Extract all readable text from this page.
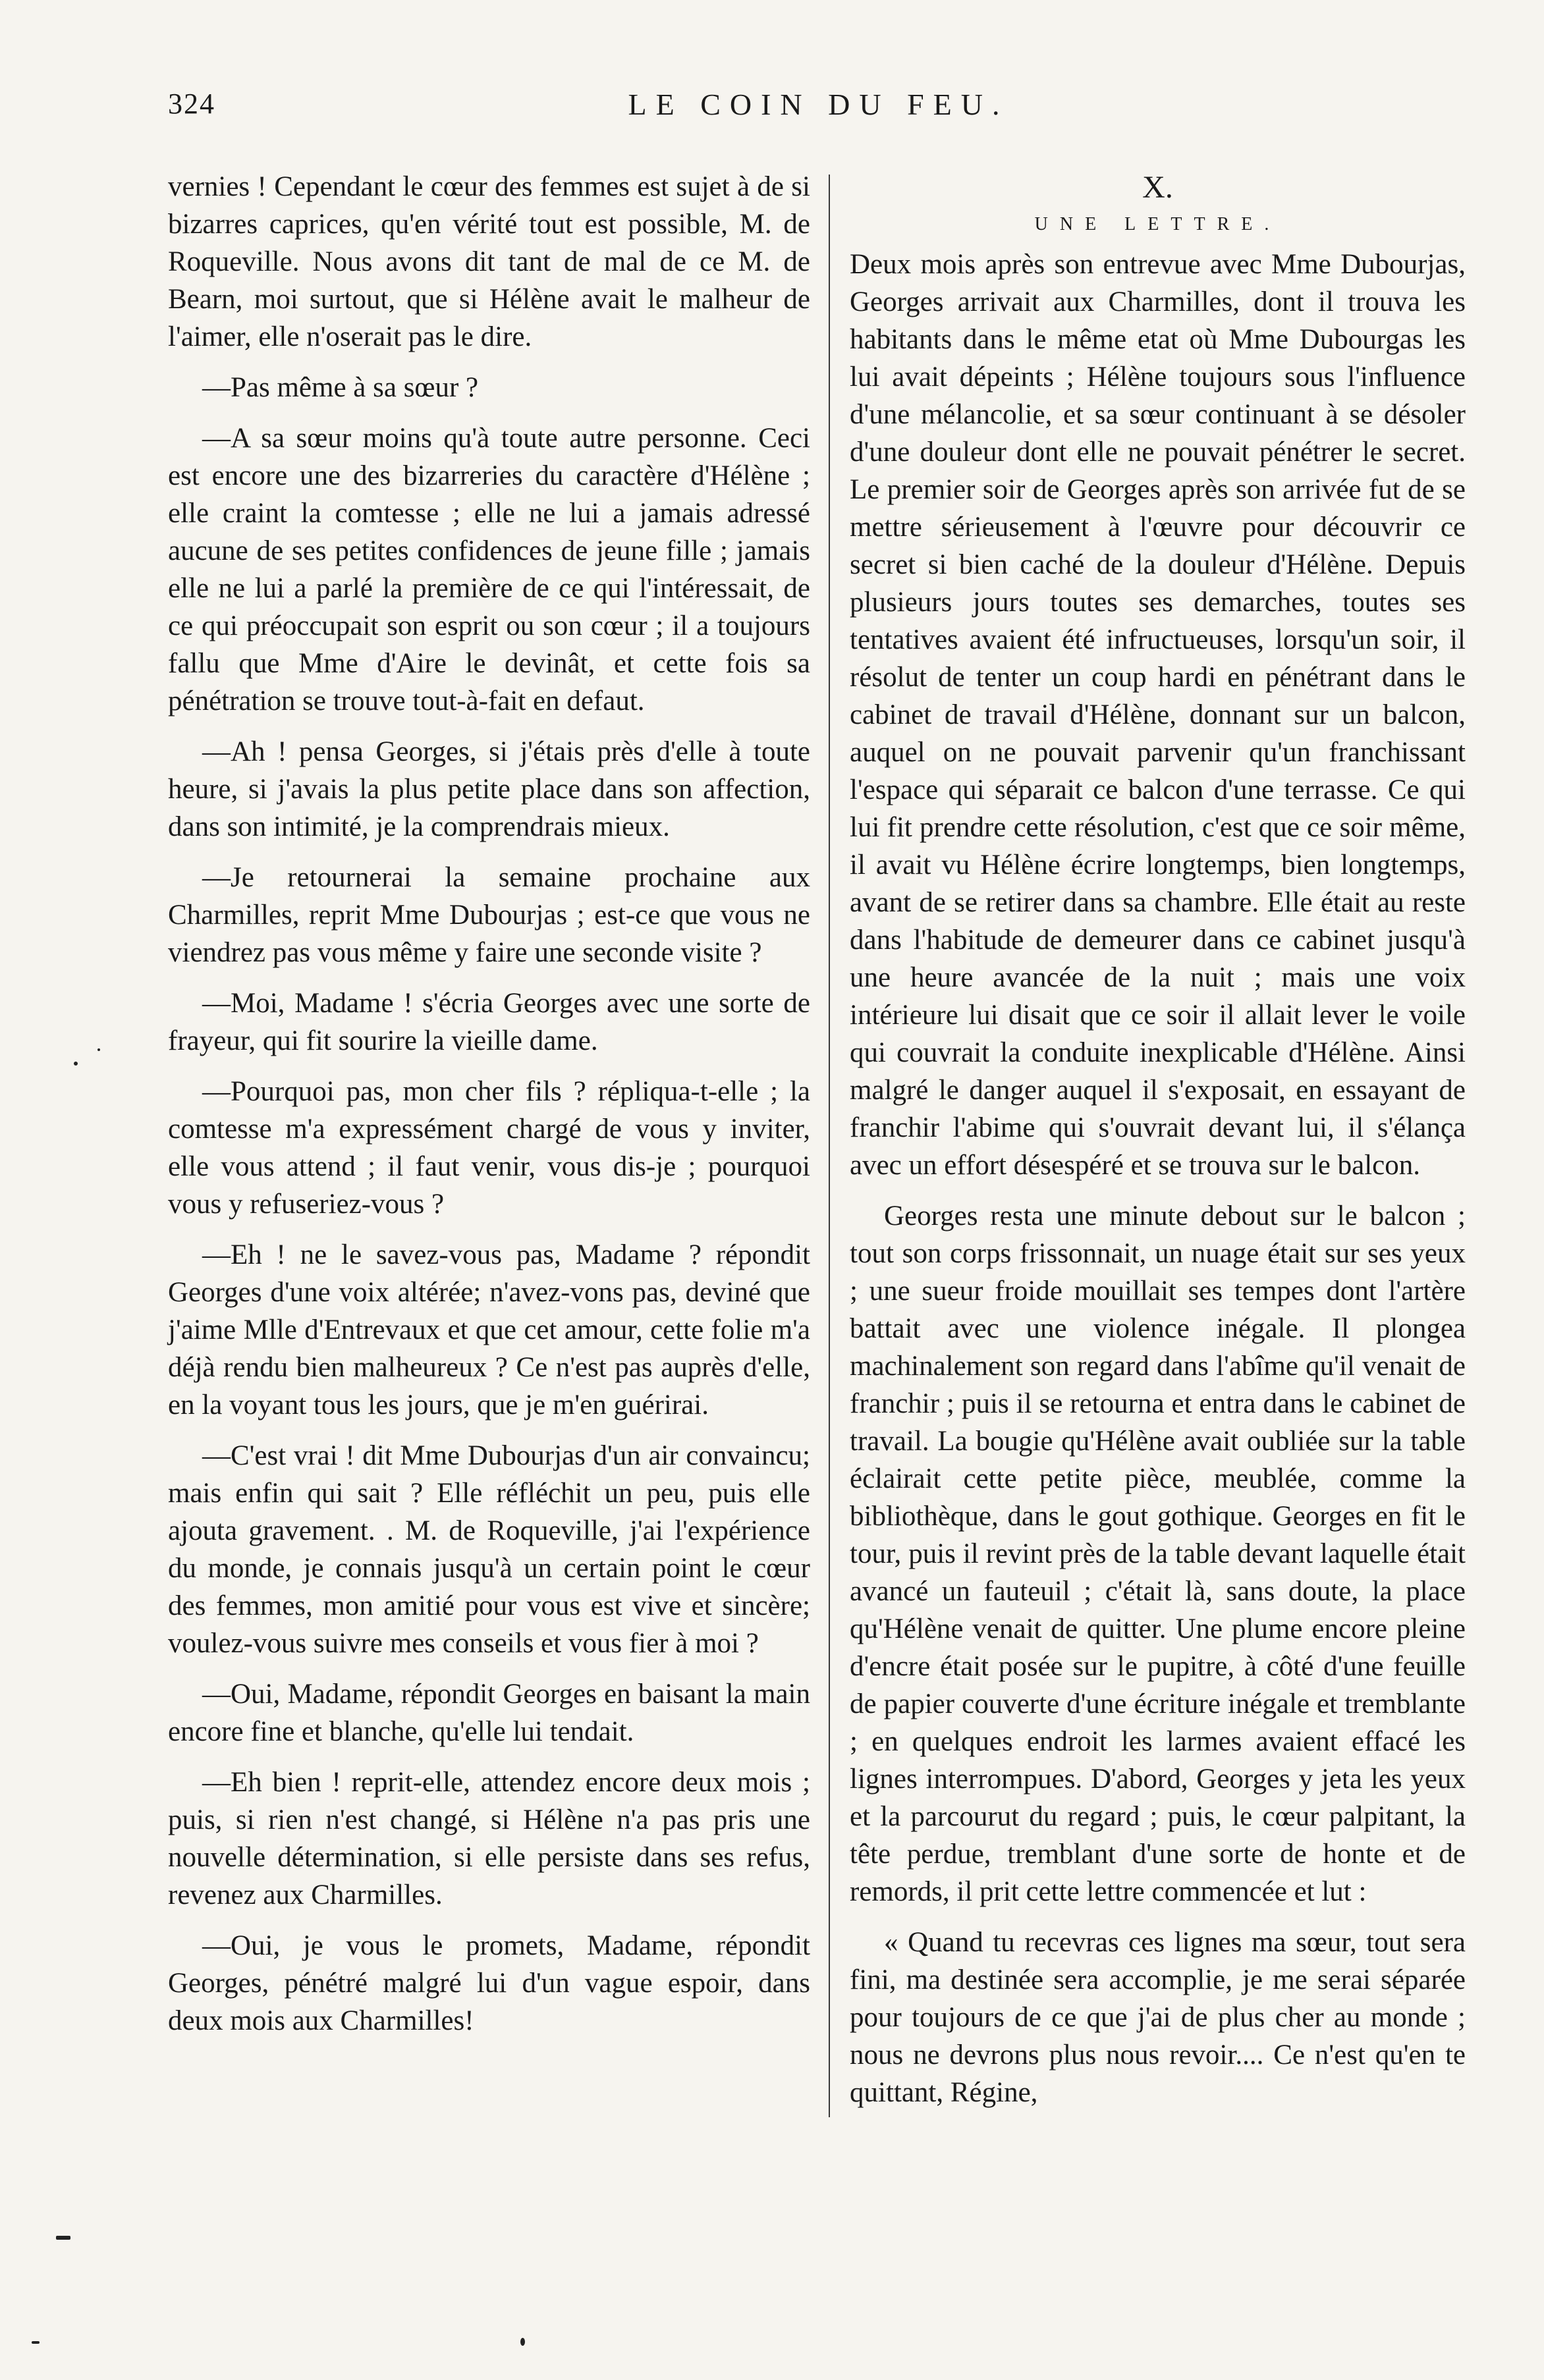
324	LE COIN DU FEU.

vernies ! Cependant le cœur des femmes est sujet à de si bizarres caprices, qu'en vérité tout est possible, M. de Roqueville. Nous avons dit tant de mal de ce M. de Bearn, moi surtout, que si Hélène avait le malheur de l'aimer, elle n'oserait pas le dire.

—Pas même à sa sœur ?

—A sa sœur moins qu'à toute autre personne. Ceci est encore une des bizarreries du caractère d'Hélène ; elle craint la comtesse ; elle ne lui a jamais adressé aucune de ses petites confidences de jeune fille ; jamais elle ne lui a parlé la première de ce qui l'intéressait, de ce qui préoccupait son esprit ou son cœur ; il a toujours fallu que Mme d'Aire le devinât, et cette fois sa pénétration se trouve tout-à-fait en defaut.

—Ah ! pensa Georges, si j'étais près d'elle à toute heure, si j'avais la plus petite place dans son affection, dans son intimité, je la comprendrais mieux.

—Je retournerai la semaine prochaine aux Charmilles, reprit Mme Dubourjas ; est-ce que vous ne viendrez pas vous même y faire une seconde visite ?

—Moi, Madame ! s'écria Georges avec une sorte de frayeur, qui fit sourire la vieille dame.

—Pourquoi pas, mon cher fils ? répliqua-t-elle ; la comtesse m'a expressément chargé de vous y inviter, elle vous attend ; il faut venir, vous dis-je ; pourquoi vous y refuseriez-vous ?

—Eh ! ne le savez-vous pas, Madame ? répondit Georges d'une voix altérée; n'avez-vons pas, deviné que j'aime Mlle d'Entrevaux et que cet amour, cette folie m'a déjà rendu bien malheureux ? Ce n'est pas auprès d'elle, en la voyant tous les jours, que je m'en guérirai.

—C'est vrai ! dit Mme Dubourjas d'un air convaincu; mais enfin qui sait ? Elle réfléchit un peu, puis elle ajouta gravement. . M. de Roqueville, j'ai l'expérience du monde, je connais jusqu'à un certain point le cœur des femmes, mon amitié pour vous est vive et sincère; voulez-vous suivre mes conseils et vous fier à moi ?

—Oui, Madame, répondit Georges en baisant la main encore fine et blanche, qu'elle lui tendait.

—Eh bien ! reprit-elle, attendez encore deux mois ; puis, si rien n'est changé, si Hélène n'a pas pris une nouvelle détermination, si elle persiste dans ses refus, revenez aux Charmilles.

—Oui, je vous le promets, Madame, répondit Georges, pénétré malgré lui d'un vague espoir, dans deux mois aux Charmilles!

X.
UNE LETTRE.

Deux mois après son entrevue avec Mme Dubourjas, Georges arrivait aux Charmilles, dont il trouva les habitants dans le même etat où Mme Dubourgas les lui avait dépeints ; Hélène toujours sous l'influence d'une mélancolie, et sa sœur continuant à se désoler d'une douleur dont elle ne pouvait pénétrer le secret. Le premier soir de Georges après son arrivée fut de se mettre sérieusement à l'œuvre pour découvrir ce secret si bien caché de la douleur d'Hélène. Depuis plusieurs jours toutes ses demarches, toutes ses tentatives avaient été infructueuses, lorsqu'un soir, il résolut de tenter un coup hardi en pénétrant dans le cabinet de travail d'Hélène, donnant sur un balcon, auquel on ne pouvait parvenir qu'un franchissant l'espace qui séparait ce balcon d'une terrasse. Ce qui lui fit prendre cette résolution, c'est que ce soir même, il avait vu Hélène écrire longtemps, bien longtemps, avant de se retirer dans sa chambre. Elle était au reste dans l'habitude de demeurer dans ce cabinet jusqu'à une heure avancée de la nuit ; mais une voix intérieure lui disait que ce soir il allait lever le voile qui couvrait la conduite inexplicable d'Hélène. Ainsi malgré le danger auquel il s'exposait, en essayant de franchir l'abime qui s'ouvrait devant lui, il s'élança avec un effort désespéré et se trouva sur le balcon.

Georges resta une minute debout sur le balcon ; tout son corps frissonnait, un nuage était sur ses yeux ; une sueur froide mouillait ses tempes dont l'artère battait avec une violence inégale. Il plongea machinalement son regard dans l'abîme qu'il venait de franchir ; puis il se retourna et entra dans le cabinet de travail. La bougie qu'Hélène avait oubliée sur la table éclairait cette petite pièce, meublée, comme la bibliothèque, dans le gout gothique. Georges en fit le tour, puis il revint près de la table devant laquelle était avancé un fauteuil ; c'était là, sans doute, la place qu'Hélène venait de quitter. Une plume encore pleine d'encre était posée sur le pupitre, à côté d'une feuille de papier couverte d'une écriture inégale et tremblante ; en quelques endroit les larmes avaient effacé les lignes interrompues. D'abord, Georges y jeta les yeux et la parcourut du regard ; puis, le cœur palpitant, la tête perdue, tremblant d'une sorte de honte et de remords, il prit cette lettre commencée et lut :

« Quand tu recevras ces lignes ma sœur, tout sera fini, ma destinée sera accomplie, je me serai séparée pour toujours de ce que j'ai de plus cher au monde ; nous ne devrons plus nous revoir.... Ce n'est qu'en te quittant, Régine,
